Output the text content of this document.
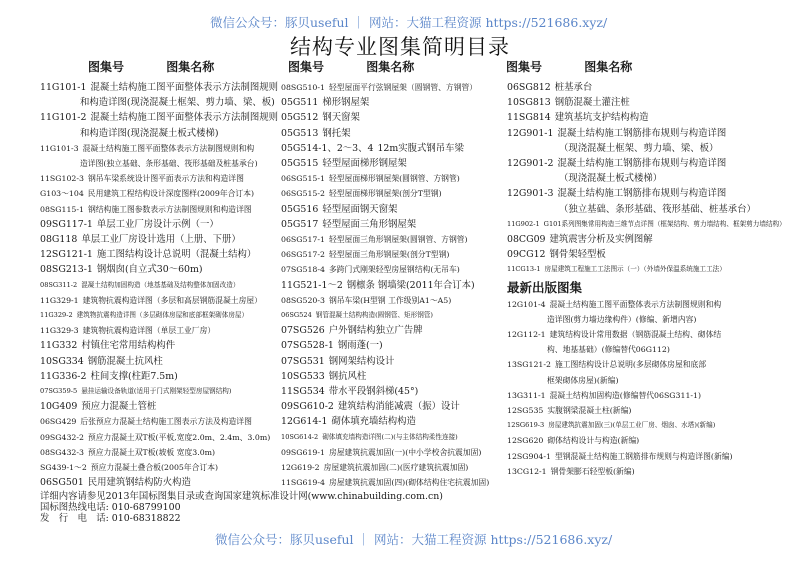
微信公众号：豚贝useful ｜ 网站：大猫工程资源 https://521686.xyz/
结构专业图集简明目录
图集号	图集名称	图集号	图集名称	图集号	图集名称
11G101-1 混凝土结构施工图平面整体表示方法制图规则
和构造详图(现浇混凝土框架、剪力墙、梁、板)
11G101-2 混凝土结构施工图平面整体表示方法制图规则
和构造详图(现浇混凝土板式楼梯)
11G101-3 混凝土结构施工图平面整体表示方法制图规则和构
造详图(独立基础、条形基础、筏形基础及桩基承台)
11SG102-3 钢吊车梁系统设计图平面表示方法和构造详图
G103～104 民用建筑工程结构设计深度图样(2009年合订本)
08SG115-1 钢结构施工图参数表示方法制图规则和构造详图
09SG117-1 单层工业厂房设计示例（一）
08G118 单层工业厂房设计选用（上册、下册）
12SG121-1 施工图结构设计总说明（混凝土结构）
08SG213-1 钢烟囱(自立式30～60m)
08SG311-2 混凝土结构加固构造（地基基础及结构整体加固改造）
11G329-1 建筑物抗震构造详图（多层和高层钢筋混凝土房屋）
11G329-2 建筑物抗震构造详图（多层砌体房屋和底部框架砌体房屋）
11G329-3 建筑物抗震构造详图（单层工业厂房）
11G332 村镇住宅常用结构构件
10SG334 钢筋混凝土抗风柱
11G336-2 柱间支撑(柱距7.5m)
07SG359-5 悬挂运输设备轨道(适用于门式刚架轻型房屋钢结构)
10G409 预应力混凝土管桩
06SG429 后张预应力混凝土结构施工图表示方法及构造详图
09SG432-2 预应力混凝土双T板(平板,宽度2.0m、2.4m、3.0m)
08SG432-3 预应力混凝土双T板(坡板 宽度3.0m)
SG439-1～2 预应力混凝土叠合板(2005年合订本)
06SG501 民用建筑钢结构防火构造
08SG510-1 轻型屋面平行弦钢屋架（圆钢管、方钢管）
05G511 梯形钢屋架
05G512 钢天窗架
05G513 钢托架
05G514-1、2～3、4 12m实腹式钢吊车梁
05G515 轻型屋面梯形钢屋架
06SG515-1 轻型屋面梯形钢屋架(圆钢管、方钢管)
06SG515-2 轻型屋面梯形钢屋架(剖分T型钢)
05G516 轻型屋面钢天窗架
05G517 轻型屋面三角形钢屋架
06SG517-1 轻型屋面三角形钢屋架(圆钢管、方钢管)
06SG517-2 轻型屋面三角形钢屋架(剖分T型钢)
07SG518-4 多跨门式刚架轻型房屋钢结构(无吊车)
11G521-1～2 钢檩条 钢墙梁(2011年合订本)
08SG520-3 钢吊车梁(H型钢 工作级别A1～A5)
06SG524 钢管混凝土结构构造(圆钢管、矩形钢管)
07SG526 户外钢结构独立广告牌
07SG528-1 钢雨蓬(一)
07SG531 钢网架结构设计
10SG533 钢抗风柱
11SG534 带水平段钢斜梯(45°)
09SG610-2 建筑结构消能减震（振）设计
12G614-1 砌体填充墙结构构造
10SG614-2 砌体填充墙构造详图(二)(与主体结构柔性连接)
09SG619-1 房屋建筑抗震加固(一)(中小学校舍抗震加固)
12G619-2 房屋建筑抗震加固(二)(医疗建筑抗震加固)
11SG619-4 房屋建筑抗震加固(四)(砌体结构住宅抗震加固)
06SG812 桩基承台
10SG813 钢筋混凝土灌注桩
11SG814 建筑基坑支护结构构造
12G901-1 混凝土结构施工钢筋排布规则与构造详图
（现浇混凝土框架、剪力墙、梁、板）
12G901-2 混凝土结构施工钢筋排布规则与构造详图
（现浇混凝土板式楼梯）
12G901-3 混凝土结构施工钢筋排布规则与构造详图
（独立基础、条形基础、筏形基础、桩基承台）
11G902-1 G101系列图集常用构造三维节点详图（框架结构、剪力墙结构、框架剪力墙结构）
08CG09 建筑震害分析及实例图解
09CG12 钢骨架轻型板
11CG13-1 房屋建筑工程施工工法图示（一）（外墙外保温系统施工工法）
最新出版图集
12G101-4 混凝土结构施工图平面整体表示方法制图规则和构
造详图(剪力墙边缘构件）(修编、新增内容)
12G112-1 建筑结构设计常用数据（钢筋混凝土结构、砌体结
构、地基基础）(修编替代06G112)
13SG121-2 施工图结构设计总说明(多层砌体房屋和底部
框架砌体房屋)(新编)
13G311-1 混凝土结构加固构造(修编替代06SG311-1)
12SG535 实腹钢梁混凝土柱(新编)
12SG619-3 房屋建筑抗震加固(三)(单层工业厂房、烟囱、水塔)(新编)
12SG620 砌体结构设计与构造(新编)
12SG904-1 型钢混凝土结构施工钢筋排布规则与构造详图(新编)
13CG12-1 钢骨架膨石轻型板(新编)
详细内容请参见2013年国标图集目录或查询国家建筑标准设计网(www.chinabuilding.com.cn)
国标图热线电话: 010-68799100
发　行　电　话: 010-68318822
微信公众号：豚贝useful ｜ 网站：大猫工程资源 https://521686.xyz/
